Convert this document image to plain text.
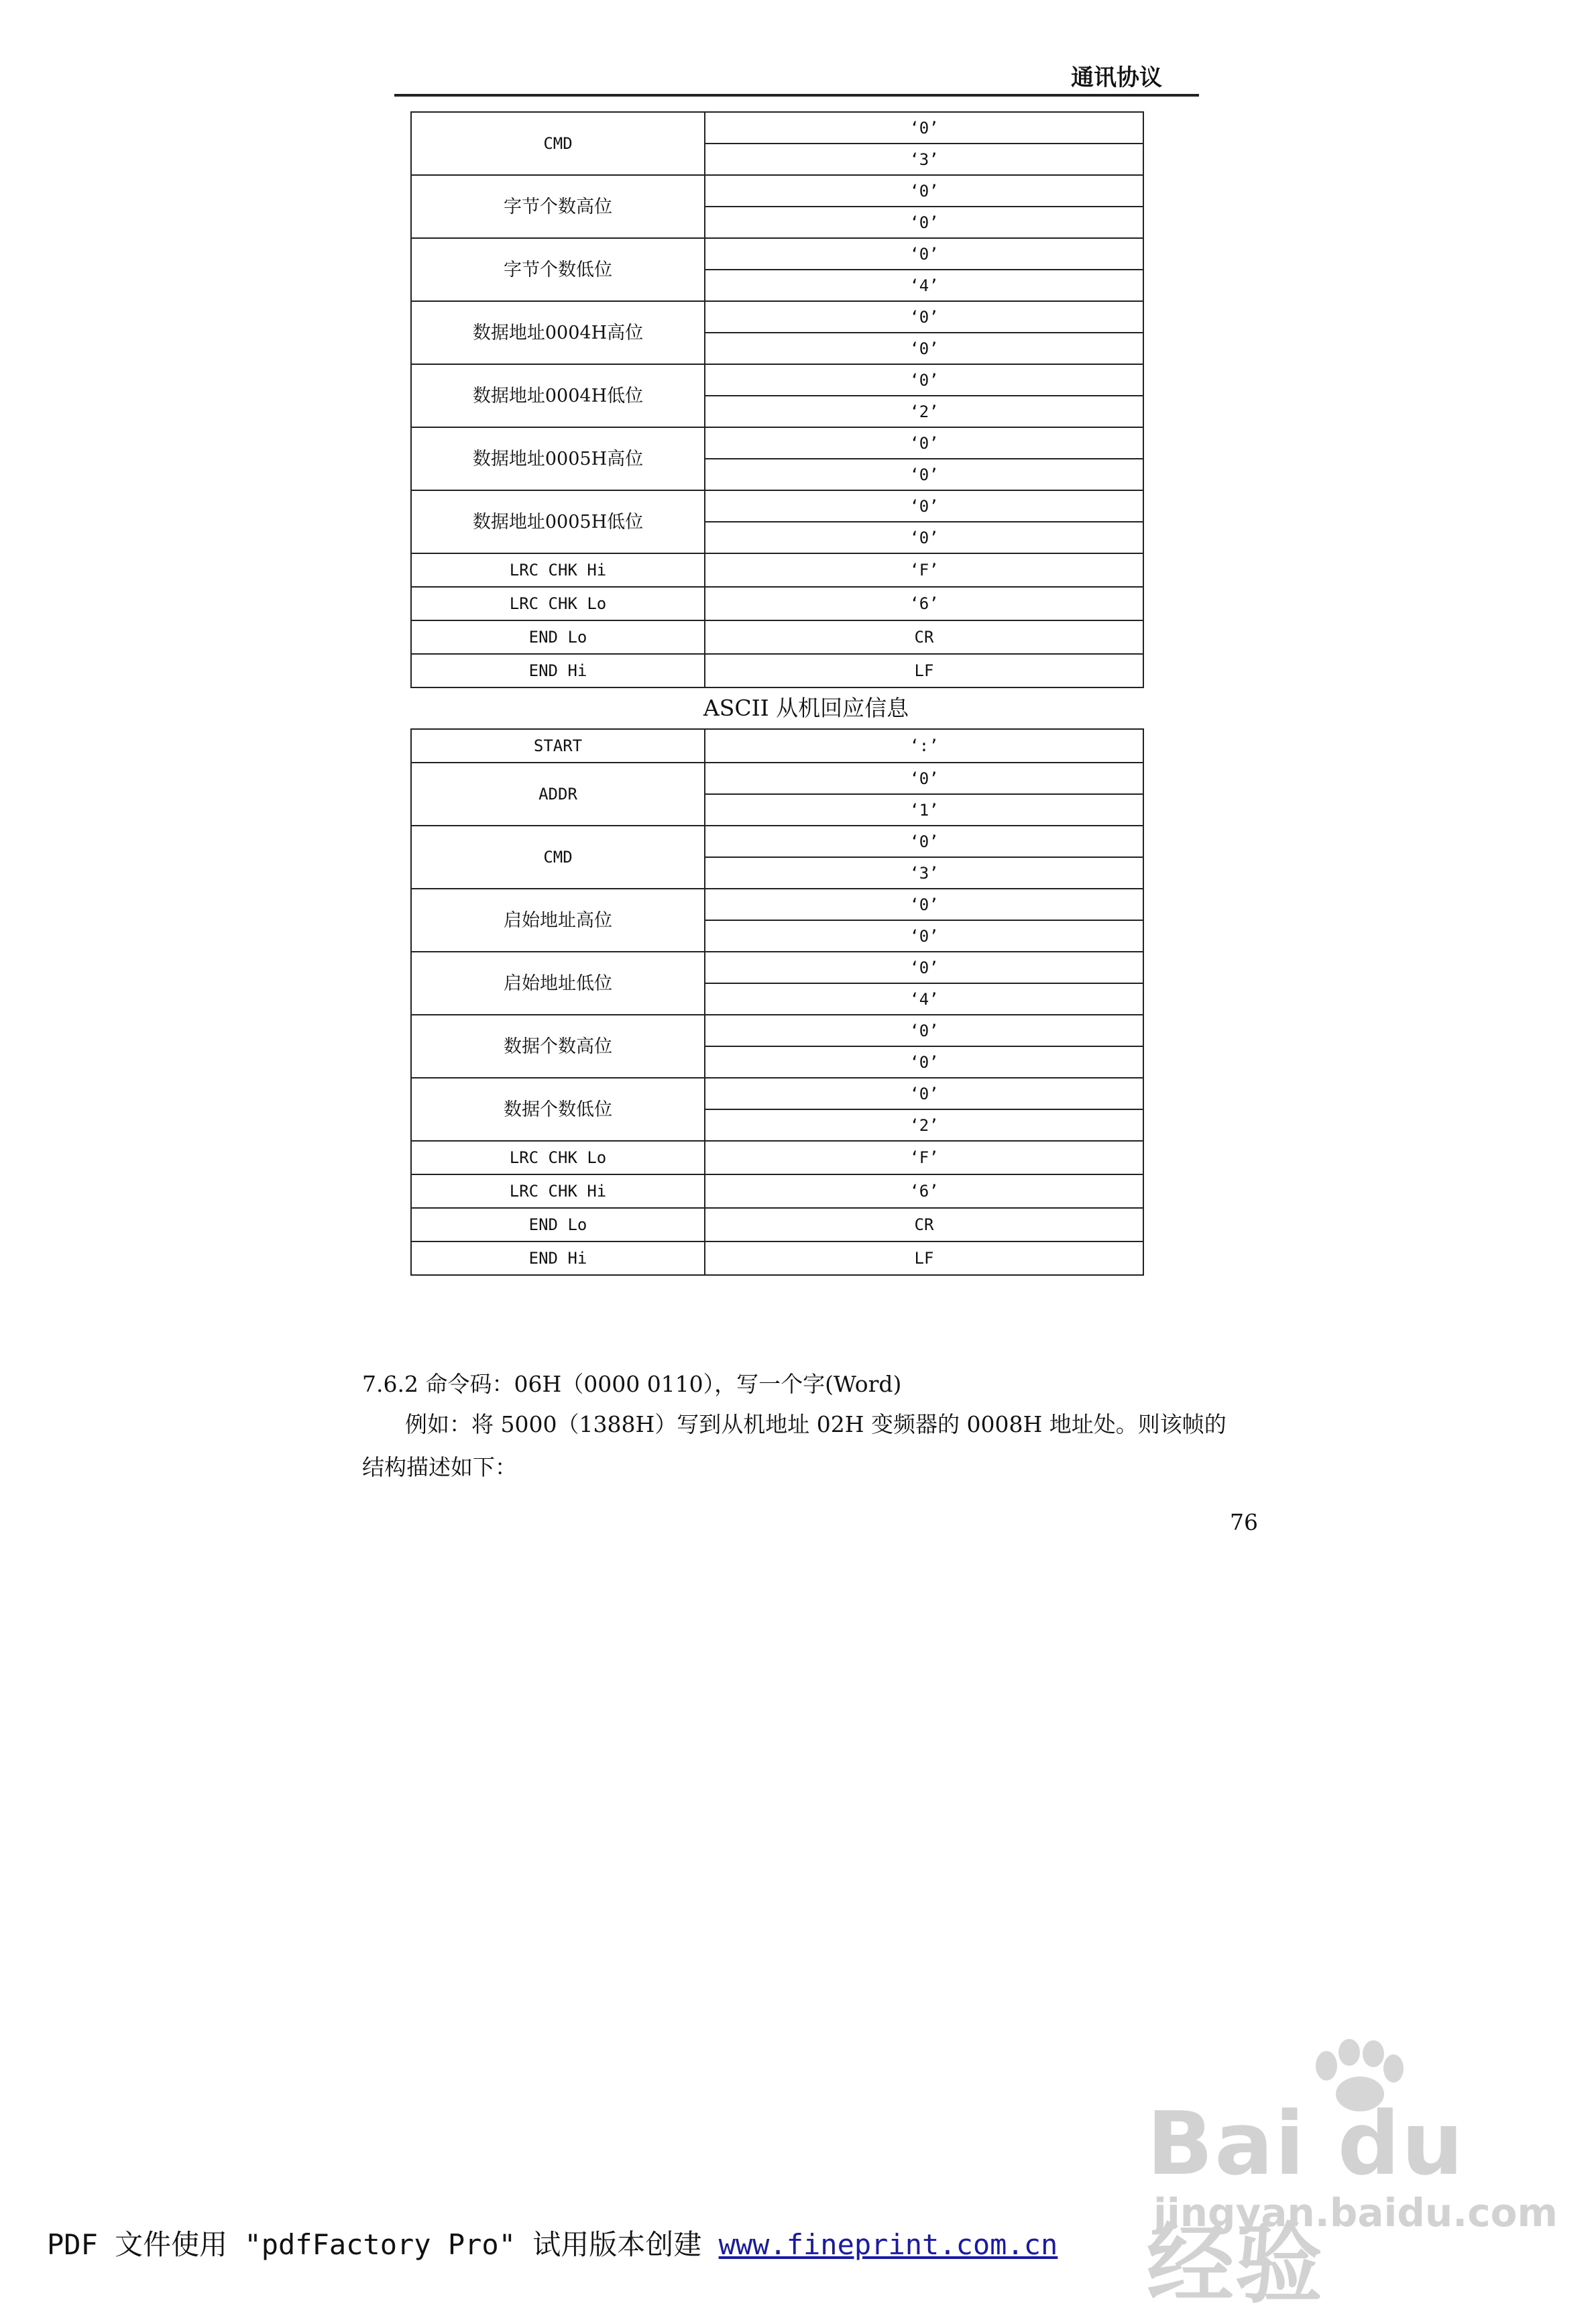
通讯协议
CMD	‘0’
	‘3’
字节个数高位	‘0’
	‘0’
字节个数低位	‘0’
	‘4’
数据地址0004H高位	‘0’
	‘0’
数据地址0004H低位	‘0’
	‘2’
数据地址0005H高位	‘0’
	‘0’
数据地址0005H低位	‘0’
	‘0’
LRC CHK Hi	‘F’
LRC CHK Lo	‘6’
END Lo	CR
END Hi	LF
ASCII 从机回应信息
START	‘:’
ADDR	‘0’
	‘1’
CMD	‘0’
	‘3’
启始地址高位	‘0’
	‘0’
启始地址低位	‘0’
	‘4’
数据个数高位	‘0’
	‘0’
数据个数低位	‘0’
	‘2’
LRC CHK Lo	‘F’
LRC CHK Hi	‘6’
END Lo	CR
END Hi	LF
7.6.2 命令码：06H（0000 0110），写一个字(Word)
例如：将 5000（1388H）写到从机地址 02H 变频器的 0008H 地址处。则该帧的
结构描述如下：
76
Bai du 经验
jingyan.baidu.com
PDF 文件使用 "pdfFactory Pro" 试用版本创建 www.fineprint.com.cn
